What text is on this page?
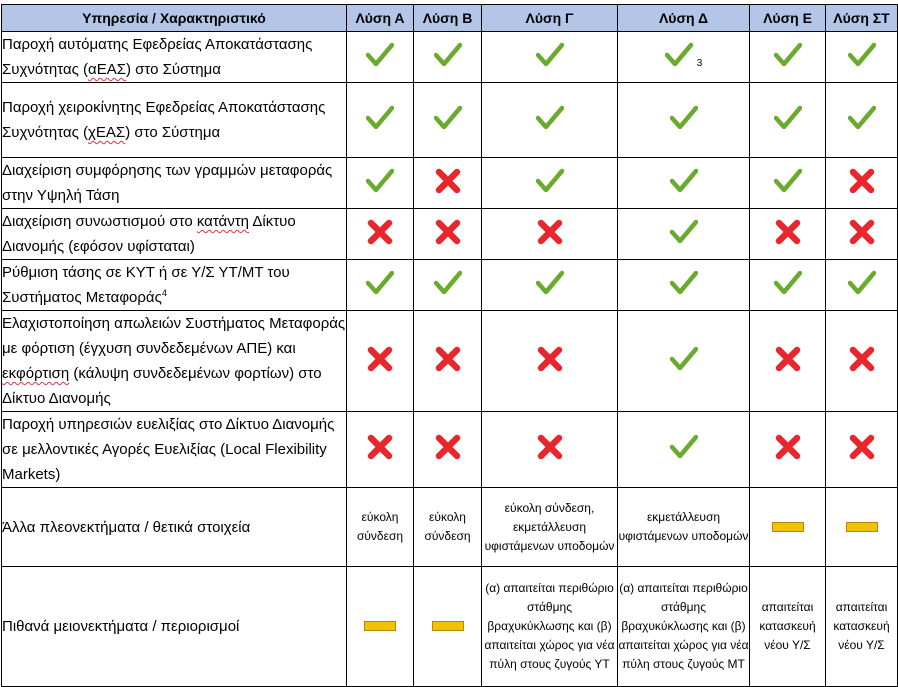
Υπηρεσία / Χαρακτηριστικό	Λύση Α	Λύση Β	Λύση Γ	Λύση Δ	Λύση Ε	Λύση ΣΤ
Παροχή αυτόματης Εφεδρείας Αποκατάστασης Συχνότητας (αΕΑΣ) στο Σύστημα				$_3$		
Παροχή χειροκίνητης Εφεδρείας Αποκατάστασης Συχνότητας (χΕΑΣ) στο Σύστημα						
Διαχείριση συμφόρησης των γραμμών μεταφοράς στην Υψηλή Τάση						
Διαχείριση συνωστισμού στο κατάντη Δίκτυο Διανομής (εφόσον υφίσταται)						
Ρύθμιση τάσης σε ΚΥΤ ή σε Υ/Σ ΥΤ/ΜΤ του Συστήματος Μεταφοράς$^4$						
Ελαχιστοποίηση απωλειών Συστήματος Μεταφοράς με φόρτιση (έγχυση συνδεδεμένων ΑΠΕ) και εκφόρτιση (κάλυψη συνδεδεμένων φορτίων) στο Δίκτυο Διανομής						
Παροχή υπηρεσιών ευελιξίας στο Δίκτυο Διανομής σε μελλοντικές Αγορές Ευελιξίας (Local Flexibility Markets)						
Άλλα πλεονεκτήματα / θετικά στοιχεία	εύκολη σύνδεση	εύκολη σύνδεση	εύκολη σύνδεση, εκμετάλλευση υφιστάμενων υποδομών	εκμετάλλευση υφιστάμενων υποδομών		
Πιθανά μειονεκτήματα / περιορισμοί			(α) απαιτείται περιθώριο στάθμης βραχυκύκλωσης και (β) απαιτείται χώρος για νέα πύλη στους ζυγούς ΥΤ	(α) απαιτείται περιθώριο στάθμης βραχυκύκλωσης και (β) απαιτείται χώρος για νέα πύλη στους ζυγούς ΜΤ	απαιτείται κατασκευή νέου Υ/Σ	απαιτείται κατασκευή νέου Υ/Σ
